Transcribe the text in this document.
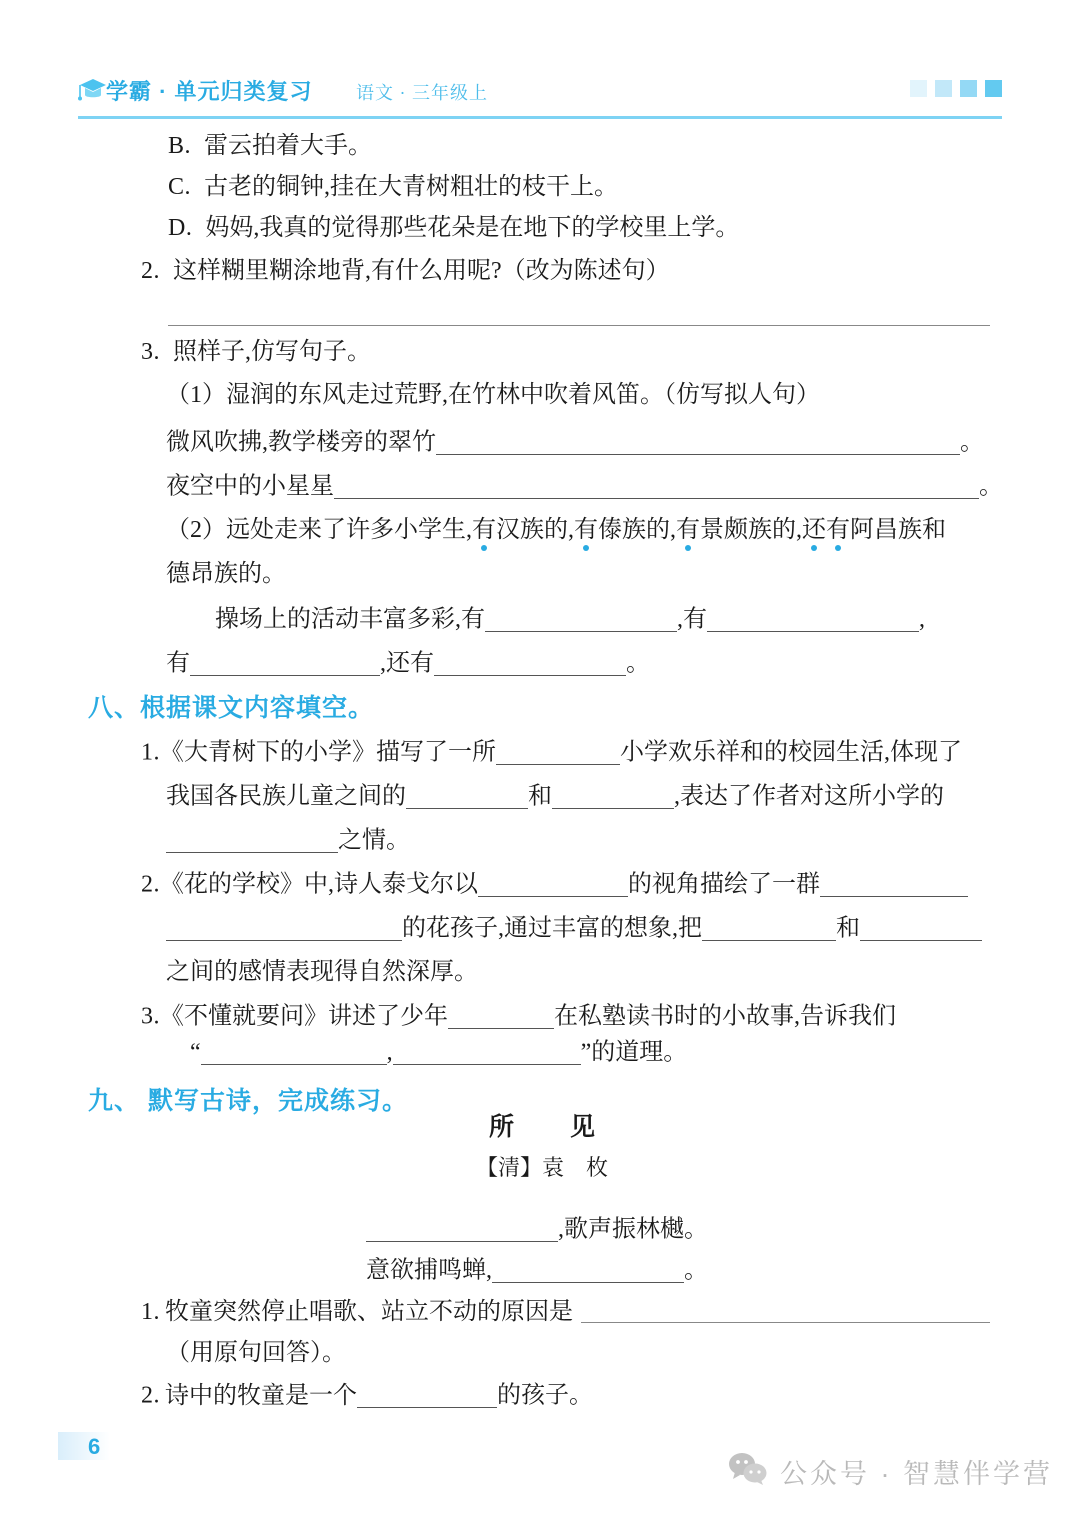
学霸 · 单元归类复习 语文 · 三年级上
B. 雷云拍着大手。
C. 古老的铜钟,挂在大青树粗壮的枝干上。
D. 妈妈,我真的觉得那些花朵是在地下的学校里上学。
2. 这样糊里糊涂地背,有什么用呢?（改为陈述句）
3. 照样子,仿写句子。
（1）湿润的东风走过荒野,在竹林中吹着风笛。（仿写拟人句）
微风吹拂,教学楼旁的翠竹	。
夜空中的小星星	。
（2）远处走来了许多小学生,有汉族的,有傣族的,有景颇族的,还有阿昌族和
德昂族的。
操场上的活动丰富多彩,有	,有	,
有	,还有	。
八、根据课文内容填空。
1.《大青树下的小学》描写了一所	小学欢乐祥和的校园生活,体现了
我国各民族儿童之间的	和	,表达了作者对这所小学的
之情。
2.《花的学校》中,诗人泰戈尔以	的视角描绘了一群
的花孩子,通过丰富的想象,把	和
之间的感情表现得自然深厚。
3.《不懂就要问》讲述了少年	在私塾读书时的小故事,告诉我们
“	,	”的道理。
九、 默写古诗，完成练习。
所　　见
【清】袁　枚
,歌声振林樾。
意欲捕鸣蝉,	。
1. 牧童突然停止唱歌、站立不动的原因是
（用原句回答）。
2. 诗中的牧童是一个	的孩子。
6
公众号 · 智慧伴学营
